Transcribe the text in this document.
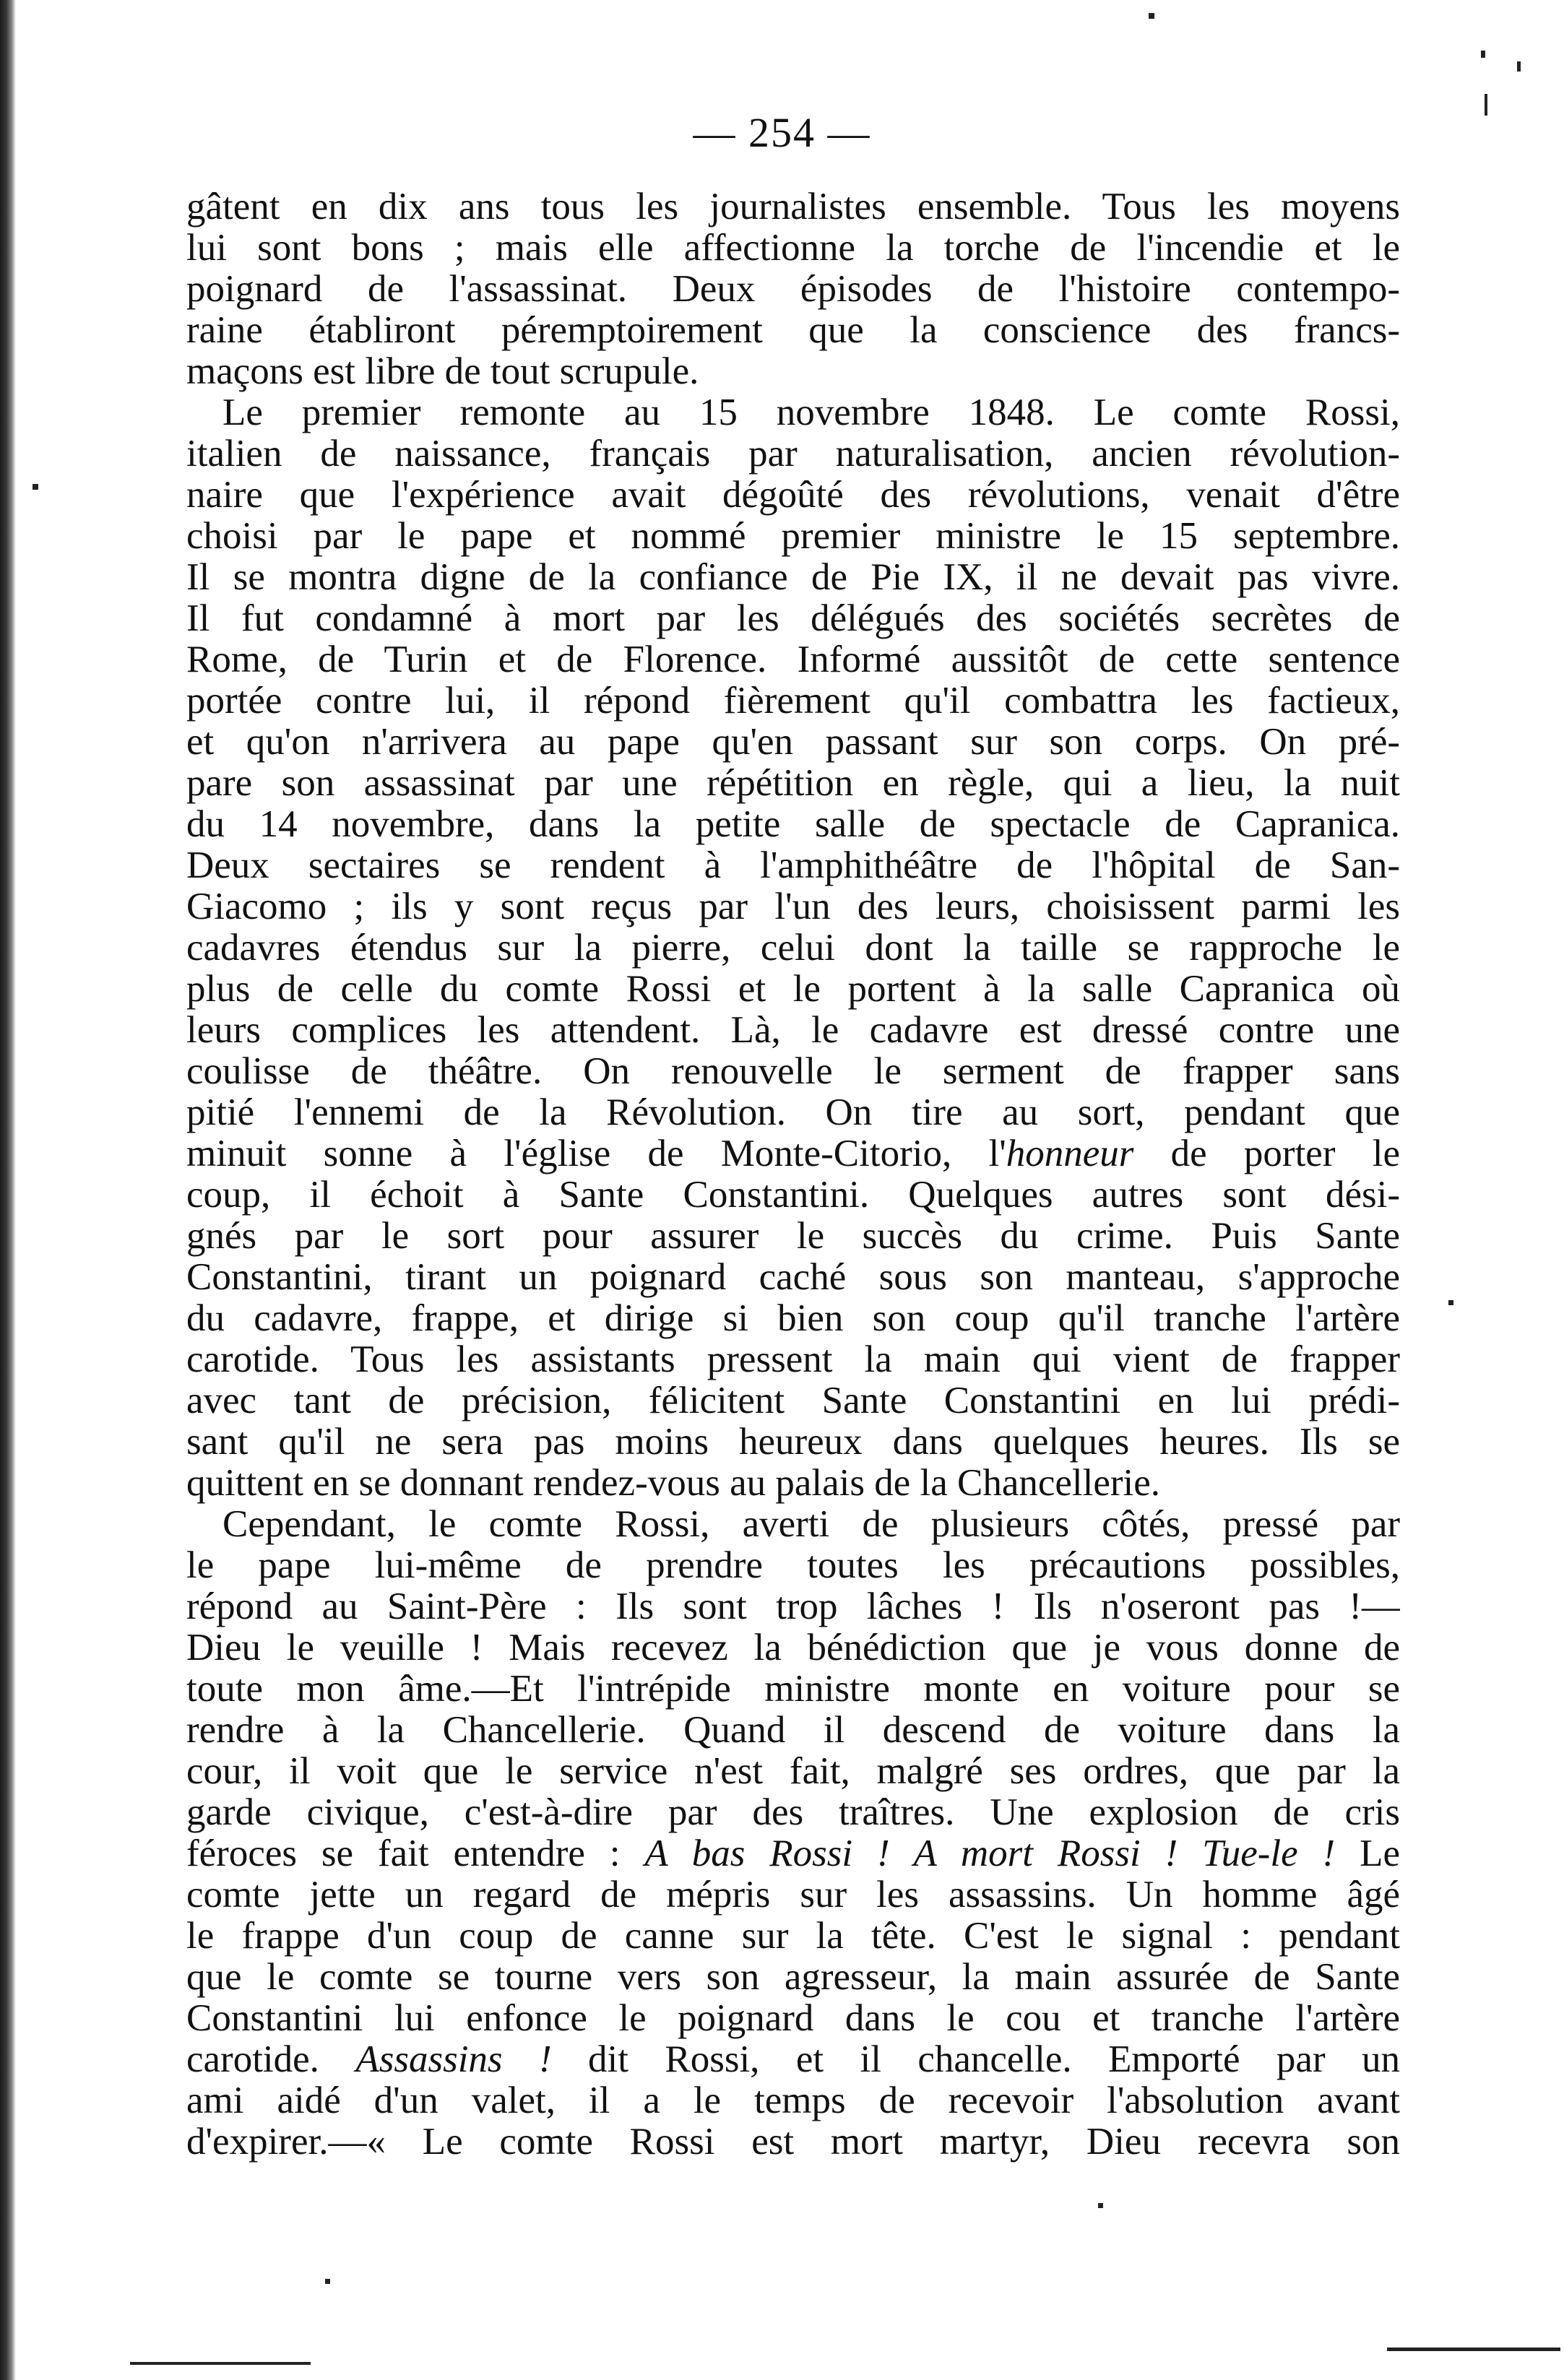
— 254 —
gâtent en dix ans tous les journalistes ensemble. Tous les moyens
lui sont bons ; mais elle affectionne la torche de l'incendie et le
poignard de l'assassinat. Deux épisodes de l'histoire contempo-
raine établiront péremptoirement que la conscience des francs-
maçons est libre de tout scrupule.
Le premier remonte au 15 novembre 1848. Le comte Rossi,
italien de naissance, français par naturalisation, ancien révolution-
naire que l'expérience avait dégoûté des révolutions, venait d'être
choisi par le pape et nommé premier ministre le 15 septembre.
Il se montra digne de la confiance de Pie IX, il ne devait pas vivre.
Il fut condamné à mort par les délégués des sociétés secrètes de
Rome, de Turin et de Florence. Informé aussitôt de cette sentence
portée contre lui, il répond fièrement qu'il combattra les factieux,
et qu'on n'arrivera au pape qu'en passant sur son corps. On pré-
pare son assassinat par une répétition en règle, qui a lieu, la nuit
du 14 novembre, dans la petite salle de spectacle de Capranica.
Deux sectaires se rendent à l'amphithéâtre de l'hôpital de San-
Giacomo ; ils y sont reçus par l'un des leurs, choisissent parmi les
cadavres étendus sur la pierre, celui dont la taille se rapproche le
plus de celle du comte Rossi et le portent à la salle Capranica où
leurs complices les attendent. Là, le cadavre est dressé contre une
coulisse de théâtre. On renouvelle le serment de frapper sans
pitié l'ennemi de la Révolution. On tire au sort, pendant que
minuit sonne à l'église de Monte-Citorio, l'honneur de porter le
coup, il échoit à Sante Constantini. Quelques autres sont dési-
gnés par le sort pour assurer le succès du crime. Puis Sante
Constantini, tirant un poignard caché sous son manteau, s'approche
du cadavre, frappe, et dirige si bien son coup qu'il tranche l'artère
carotide. Tous les assistants pressent la main qui vient de frapper
avec tant de précision, félicitent Sante Constantini en lui prédi-
sant qu'il ne sera pas moins heureux dans quelques heures. Ils se
quittent en se donnant rendez-vous au palais de la Chancellerie.
Cependant, le comte Rossi, averti de plusieurs côtés, pressé par
le pape lui-même de prendre toutes les précautions possibles,
répond au Saint-Père : Ils sont trop lâches ! Ils n'oseront pas !—
Dieu le veuille ! Mais recevez la bénédiction que je vous donne de
toute mon âme.—Et l'intrépide ministre monte en voiture pour se
rendre à la Chancellerie. Quand il descend de voiture dans la
cour, il voit que le service n'est fait, malgré ses ordres, que par la
garde civique, c'est-à-dire par des traîtres. Une explosion de cris
féroces se fait entendre : A bas Rossi ! A mort Rossi ! Tue-le ! Le
comte jette un regard de mépris sur les assassins. Un homme âgé
le frappe d'un coup de canne sur la tête. C'est le signal : pendant
que le comte se tourne vers son agresseur, la main assurée de Sante
Constantini lui enfonce le poignard dans le cou et tranche l'artère
carotide. Assassins ! dit Rossi, et il chancelle. Emporté par un
ami aidé d'un valet, il a le temps de recevoir l'absolution avant
d'expirer.—« Le comte Rossi est mort martyr, Dieu recevra son
